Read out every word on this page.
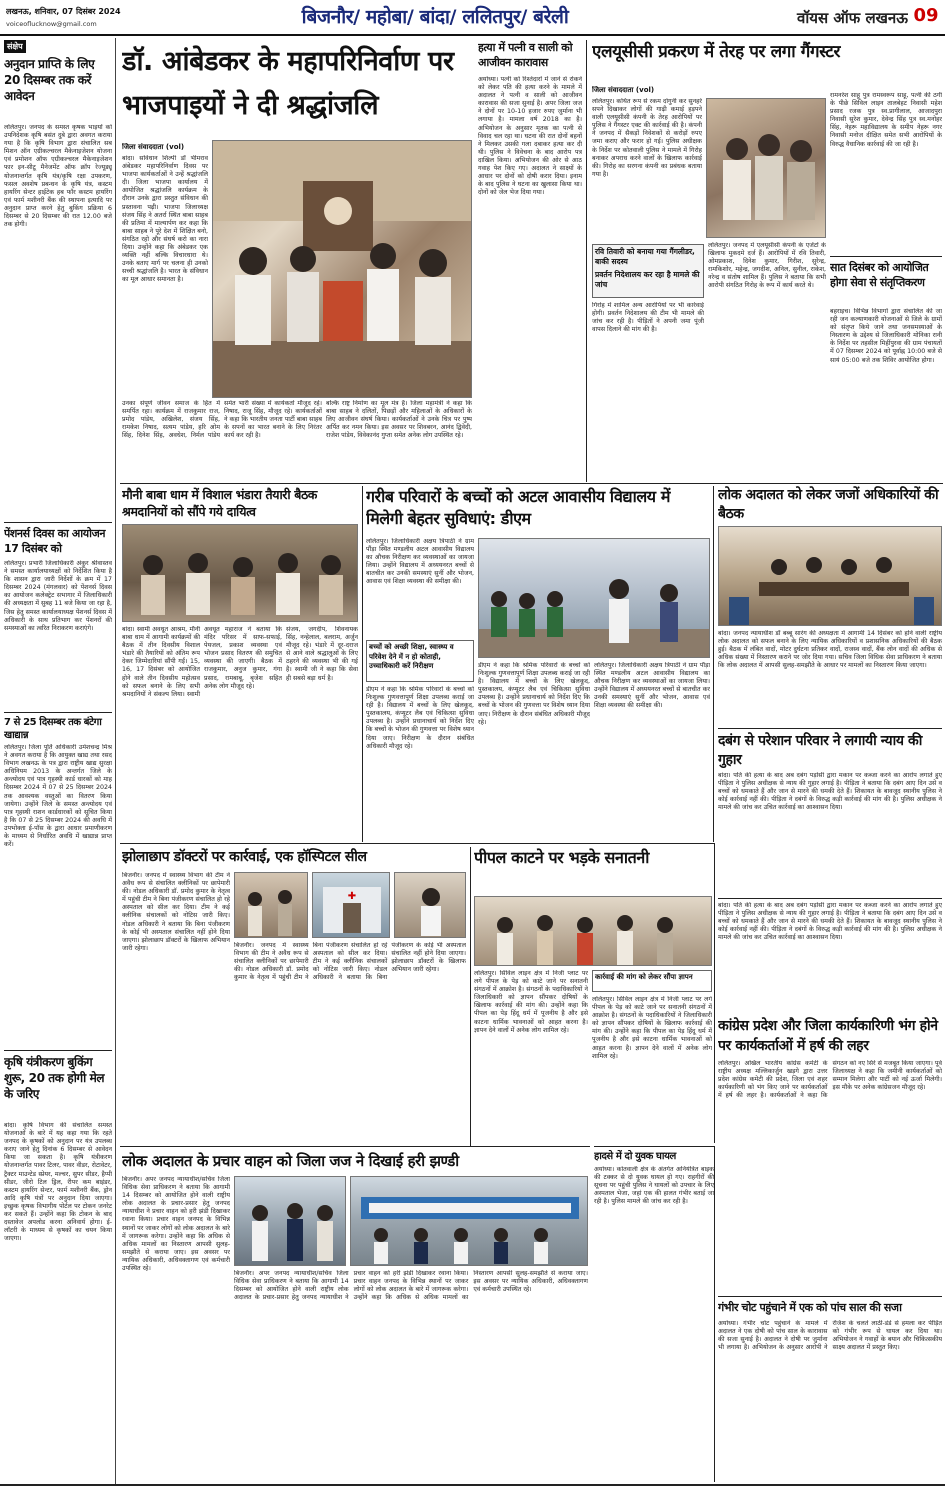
लखनऊ, शनिवार, 07 दिसंबर 2024
voiceoflucknow@gmail.com	बिजनौर/ महोबा/ बांदा/ ललितपुर/ बरेली	वॉयस ऑफ लखनऊ 09
संक्षेप
अनुदान प्राप्ति के लिए 20 दिसम्बर तक करें आवेदन
ललितपुर। जनपद के समस्त कृषक भाइयों को उपनिदेशक कृषि बसंत दुबे द्वारा अवगत कराया गया है कि कृषि विभाग द्वारा संचालित सब मिशन ऑन एग्रीकल्चरल मैकेनाइजेशन योजना एवं प्रमोशन ऑफ एग्रीकल्चरल मैकेनाइजेशन फार इन-सीटू मैनेजमेंट ऑफ क्रॉप रेज्यूड्यू योजनान्तर्गत कृषि यंत्र/कृषि रक्षा उपकरण, फसल अवशेष प्रबन्धन के कृषि यंत्र, कस्टम हायरिंग सेन्टर हाईटेक हब फॉर कस्टम हायरिंग एवं फार्म मशीनरी बैंक की स्थापना इत्यादि पर अनुदान प्राप्त करने हेतु बुकिंग प्रक्रिया 6 दिसम्बर से 20 दिसम्बर की रात 12.00 बजे तक होगी।
पेंशनर्स दिवस का आयोजन 17 दिसंबर को
ललितपुर। प्रभारी जिलाधिकारी अंकुर श्रीवास्तव ने समस्त कार्यालयाध्यक्षों को निर्देशित किया है कि शासन द्वारा जारी निर्देशों के क्रम में 17 दिसम्बर 2024 (मंगलवार) को पेंशनर्स दिवस का आयोजन कलेक्ट्रेट सभागार में जिलाधिकारी की अध्यक्षता में सुबह 11 बजे किया जा रहा है, जिस हेतु समस्त कार्यालयाध्यक्ष पेंशनर्स दिवस में अधिकारी के साथ प्रतिभाग कर पेंशनरों की समस्याओं का त्वरित निराकरण कराएंगे।
7 से 25 दिसम्बर तक बंटेगा खाद्यान्न
ललितपुर। जिला पूर्ति अधिकारी उमेशचन्द्र मिश्र ने अवगत कराया है कि आयुक्त खाद्य तथा रसद विभाग लखनऊ के पत्र द्वारा राष्ट्रीय खाद्य सुरक्षा अधिनियम 2013 के अन्तर्गत जिले के अन्त्योदय एवं पात्र गृहस्थी कार्ड धारकों को माह दिसम्बर 2024 में 07 से 25 दिसम्बर 2024 तक आवश्यक वस्तुओं का वितरण किया जायेगा। उन्होंने जिले के समस्त अन्त्योदय एवं पात्र गृहस्थी राशन कार्डधारकों को सूचित किया है कि 07 से 25 दिसम्बर 2024 की अवधि में उपभोक्ता ई-पॉस के द्वारा आधार प्रमाणीकरण के माध्यम से निर्धारित अवधि में खाद्यान्न प्राप्त करें।
कृषि यंत्रीकरण बुकिंग शुरू, 20 तक होगी मेल के जरिए
बांदा। कृषि विभाग की संचालित समस्त योजनाओं के बारे में यह कहा गया कि रहते जनपद के कृषकों को अनुदान पर यंत्र उपलब्ध कराए जाने हेतु दिनांक 6 दिसम्बर से आवेदन किया जा सकता है। कृषि यंत्रीकरण योजनान्तर्गत पावर टिलर, पावर वीडर, रोटावेटर, ट्रैक्टर माउन्टेड स्प्रेयर, मल्चर, सुपर सीडर, हैप्पी सीडर, जीरो टिल ड्रिल, रीपर कम बाइंडर, कस्टम हायरिंग सेन्टर, फार्म मशीनरी बैंक, ड्रोन आदि कृषि यंत्रों पर अनुदान दिया जाएगा। इच्छुक कृषक विभागीय पोर्टल पर टोकन जनरेट कर सकते हैं। उन्होंने कहा कि टोकन के बाद दस्तावेज अपलोड करना अनिवार्य होगा। ई-लॉटरी के माध्यम से कृषकों का चयन किया जाएगा।
डॉ. आंबेडकर के महापरिनिर्वाण पर भाजपाइयों ने दी श्रद्धांजलि
जिला संवाददाता (vol)
बांदा। सविधान शिल्पी डॉ भीमराव अंबेडकर महापरिनिर्वाण दिवस पर भाजपा कार्यकर्ताओं ने उन्हें श्रद्धांजलि दी। जिला भाजपा कार्यालय में आयोजित श्रद्धांजलि कार्यक्रम के दौरान उनके द्वारा प्रस्तुत संविधान की प्रस्तावना पढ़ी। भाजपा जिलाध्यक्ष संजय सिंह ने अतर्रा स्थित बाबा साहब की प्रतिमा में माल्यार्पण कर कहा कि बाबा साहब ने पूरे देश में शिक्षित बनो, संगठित रहो और संघर्ष करो का नारा दिया। उन्होंने कहा कि अंबेडकर एक व्यक्ति नहीं बल्कि विचारधारा थे। उनके बताए मार्ग पर चलना ही उनको सच्ची श्रद्धांजलि है। भारत के संविधान का मूल आधार समानता है।
उनका संपूर्ण जीवन समाज के हित में समर्पित रहा। कार्यक्रम में राजकुमार राज, प्रमोद पांडेय, अखिलेश, संजय सिंह, रामकेश निषाद, सत्यम पांडेय, हरि ओम सिंह, दिनेश सिंह, अवधेश, निर्मल पांडेय समेत भारी संख्या में कार्यकर्ता मौजूद रहे। निषाद, राजू सिंह, मौजूद रहे। कार्यकर्ताओं ने कहा कि भारतीय जनता पार्टी बाबा साहब के सपनों का भारत बनाने के लिए निरंतर कार्य कर रही है।
बल्कि राष्ट्र निर्माण का मूल मंत्र है। जिला महामंत्री ने कहा कि बाबा साहब ने दलितों, पिछड़ों और महिलाओं के अधिकारों के लिए आजीवन संघर्ष किया। कार्यकर्ताओं ने उनके चित्र पर पुष्प अर्पित कर नमन किया। इस अवसर पर शिवबरन, आनंद द्विवेदी, राजेश पांडेय, विवेकानंद गुप्ता समेत अनेक लोग उपस्थित रहे।
हत्या में पत्नी व साली को आजीवन कारावास
अयोध्या। पत्नी को रिश्तेदारों में जाने से रोकने को लेकर पति की हत्या करने के मामले में अदालत ने पत्नी व साली को आजीवन कारावास की सजा सुनाई है। अपर जिला जज ने दोनों पर 10-10 हजार रुपए जुर्माना भी लगाया है। मामला वर्ष 2018 का है। अभियोजन के अनुसार मृतक का पत्नी से विवाद चल रहा था। घटना की रात दोनों बहनों ने मिलकर उसकी गला दबाकर हत्या कर दी थी। पुलिस ने विवेचना के बाद आरोप पत्र दाखिल किया। अभियोजन की ओर से आठ गवाह पेश किए गए। अदालत ने साक्ष्यों के आधार पर दोनों को दोषी करार दिया। इनाम के बाद पुलिस ने घटना का खुलासा किया था। दोनों को जेल भेज दिया गया।
एलयूसीसी प्रकरण में तेरह पर लगा गैंगस्टर
जिला संवाददाता (vol)
ललितपुर। कथित रूप से रकम दोगुनी कर सुनहरे सपने दिखाकर लोगों की गाढ़ी कमाई हड़पने वाली एलयूसीसी कंपनी के तेरह आरोपियों पर पुलिस ने गैंगस्टर एक्ट की कार्रवाई की है। कंपनी ने जनपद में सैकड़ों निवेशकों से करोड़ों रुपए जमा कराए और फरार हो गई। पुलिस अधीक्षक के निर्देश पर कोतवाली पुलिस ने मामले में गिरोह बनाकर अपराध करने वालों के खिलाफ कार्रवाई की। गिरोह का सरगना कंपनी का प्रबंधक बताया गया है।
रवि तिवारी को बनाया गया गैंगलीडर, बाकी सदस्य
प्रवर्तन निदेशालय कर रहा है मामले की जांच
गिरोह में शामिल अन्य आरोपियों पर भी कार्रवाई होगी। प्रवर्तन निदेशालय की टीम भी मामले की जांच कर रही है। पीड़ितों ने अपनी जमा पूंजी वापस दिलाने की मांग की है।
ललितपुर। जनपद में एलयूसीसी कंपनी के एजेंटों के खिलाफ मुकदमे दर्ज हैं। आरोपियों में रवि तिवारी, ओमप्रकाश, दिनेश कुमार, गिरीश, सुरेन्द्र, रामकिशोर, महेन्द्र, जगदीश, अनिल, सुनील, राकेश, नरेन्द्र व संतोष शामिल हैं। पुलिस ने बताया कि सभी आरोपी संगठित गिरोह के रूप में कार्य करते थे।
रामनरेश साहू पुत्र रामस्वरूप साहू, पत्नी की ठगी के पीछे सिविल लाइन तालबेहट निवासी महेश प्रसाद रजक पुत्र स्व.प्रागीलाल, आजादपुरा निवासी सुरेश कुमार, देवेन्द्र सिंह पुत्र स्व.मनोहर सिंह, नेहरू महाविद्यालय के समीप नेहरू नगर निवासी मनोज दीक्षित समेत सभी आरोपियों के विरुद्ध वैधानिक कार्रवाई की जा रही है।
सात दिसंबर को आयोजित होगा सेवा से संतृप्तिकरण
बहराइच। विभिन्न विभागों द्वारा संचालित की जा रही जन कल्याणकारी योजनाओं से जिले के ग्रामों को संतृप्त किये जाने तथा जनसमस्याओं के निस्तारण के उद्देश्य से जिलाधिकारी मोनिका रानी के निर्देश पर तहसील मिहींपुरवा की ग्राम पंचायतों में 07 दिसम्बर 2024 को पूर्वाह्न 10:00 बजे से सायं 05:00 बजे तक शिविर आयोजित होगा।
मौनी बाबा धाम में विशाल भंडारा तैयारी बैठक श्रमदानियों को सौंपे गये दायित्व
बांदा। स्वामी अवधूत आश्रम, मौनी बाबा धाम में आगामी कार्यक्रमों की बैठक में तीन दिवसीय विशाल भंडारे की तैयारियों को अंतिम रूप देकर जिम्मेदारियां सौंपी गईं। 15, 16, 17 दिसंबर को आयोजित होने वाले तीन दिवसीय महोत्सव को सफल बनाने के लिए सभी श्रमदानियों ने संकल्प लिया। स्वामी अवधूत महाराज ने बताया कि मंदिर परिसर में साफ-सफाई, पेयजल, प्रकाश व्यवस्था एवं भोजन प्रसाद वितरण की समुचित व्यवस्था की जाएगी। बैठक में राजकुमार, अनुज कुमार, गंगा प्रसाद, रामबाबू, बृजेश सहित अनेक लोग मौजूद रहे।
संजय, जगदीप, शिवनायक सिंह, नन्हेलाल, बलराम, अर्जुन मौजूद रहे। भंडारे में दूर-दराज से आने वाले श्रद्धालुओं के लिए ठहरने की व्यवस्था भी की गई है। स्वामी जी ने कहा कि सेवा ही सबसे बड़ा धर्म है।
गरीब परिवारों के बच्चों को अटल आवासीय विद्यालय में मिलेगी बेहतर सुविधाएं: डीएम
ललितपुर। जिलाधिकारी अक्षय त्रिपाठी ने ग्राम पौंड़ा स्थित मण्डलीय अटल आवासीय विद्यालय का औचक निरीक्षण कर व्यवस्थाओं का जायजा लिया। उन्होंने विद्यालय में अध्ययनरत बच्चों से बातचीत कर उनकी समस्याएं सुनीं और भोजन, आवास एवं शिक्षा व्यवस्था की समीक्षा की।
बच्चों को अच्छी शिक्षा, स्वास्थ्य व परिवेश देने में न हो कोताही, उच्चाधिकारी करें निरीक्षण
डीएम ने कहा कि श्रमिक परिवारों के बच्चों को निःशुल्क गुणवत्तापूर्ण शिक्षा उपलब्ध कराई जा रही है। विद्यालय में बच्चों के लिए खेलकूद, पुस्तकालय, कंप्यूटर लैब एवं चिकित्सा सुविधा उपलब्ध है। उन्होंने प्रधानाचार्य को निर्देश दिए कि बच्चों के भोजन की गुणवत्ता पर विशेष ध्यान दिया जाए। निरीक्षण के दौरान संबंधित अधिकारी मौजूद रहे।
डीएम ने कहा कि श्रमिक परिवारों के बच्चों को निःशुल्क गुणवत्तापूर्ण शिक्षा उपलब्ध कराई जा रही है। विद्यालय में बच्चों के लिए खेलकूद, पुस्तकालय, कंप्यूटर लैब एवं चिकित्सा सुविधा उपलब्ध है। उन्होंने प्रधानाचार्य को निर्देश दिए कि बच्चों के भोजन की गुणवत्ता पर विशेष ध्यान दिया जाए। निरीक्षण के दौरान संबंधित अधिकारी मौजूद रहे।
ललितपुर। जिलाधिकारी अक्षय त्रिपाठी ने ग्राम पौंड़ा स्थित मण्डलीय अटल आवासीय विद्यालय का औचक निरीक्षण कर व्यवस्थाओं का जायजा लिया। उन्होंने विद्यालय में अध्ययनरत बच्चों से बातचीत कर उनकी समस्याएं सुनीं और भोजन, आवास एवं शिक्षा व्यवस्था की समीक्षा की।
लोक अदालत को लेकर जजों अधिकारियों की बैठक
बांदा। जनपद न्यायाधीश डॉ बब्बू सारंग की अध्यक्षता में आगामी 14 दिसंबर को होने वाली राष्ट्रीय लोक अदालत को सफल बनाने के लिए न्यायिक अधिकारियों व प्रशासनिक अधिकारियों की बैठक हुई। बैठक में लंबित वादों, मोटर दुर्घटना प्रतिकर वादों, राजस्व वादों, बैंक लोन वादों की अधिक से अधिक संख्या में निस्तारण कराने पर जोर दिया गया। सचिव जिला विधिक सेवा प्राधिकरण ने बताया कि लोक अदालत में आपसी सुलह-समझौते के आधार पर मामलों का निस्तारण किया जाएगा।
दबंग से परेशान परिवार ने लगायी न्याय की गुहार
बांदा। पति की हत्या के बाद अब दबंग पड़ोसी द्वारा मकान पर कब्जा करने का आरोप लगाते हुए पीड़िता ने पुलिस अधीक्षक से न्याय की गुहार लगाई है। पीड़िता ने बताया कि दबंग आए दिन उसे व बच्चों को धमकाते हैं और जान से मारने की धमकी देते हैं। शिकायत के बावजूद स्थानीय पुलिस ने कोई कार्रवाई नहीं की। पीड़िता ने दबंगों के विरुद्ध कड़ी कार्रवाई की मांग की है। पुलिस अधीक्षक ने मामले की जांच कर उचित कार्रवाई का आश्वासन दिया।
झोलाछाप डॉक्टरों पर कार्रवाई, एक हॉस्पिटल सील
बिजनौर। जनपद में स्वास्थ्य विभाग की टीम ने अवैध रूप से संचालित क्लीनिकों पर छापेमारी की। नोडल अधिकारी डॉ. प्रमोद कुमार के नेतृत्व में पहुंची टीम ने बिना पंजीकरण संचालित हो रहे अस्पताल को सील कर दिया। टीम ने कई क्लीनिक संचालकों को नोटिस जारी किए। नोडल अधिकारी ने बताया कि बिना पंजीकरण के कोई भी अस्पताल संचालित नहीं होने दिया जाएगा। झोलाछाप डॉक्टरों के खिलाफ अभियान जारी रहेगा।
✚
बिजनौर। जनपद में स्वास्थ्य विभाग की टीम ने अवैध रूप से संचालित क्लीनिकों पर छापेमारी की। नोडल अधिकारी डॉ. प्रमोद कुमार के नेतृत्व में पहुंची टीम ने बिना पंजीकरण संचालित हो रहे अस्पताल को सील कर दिया। टीम ने कई क्लीनिक संचालकों को नोटिस जारी किए। नोडल अधिकारी ने बताया कि बिना पंजीकरण के कोई भी अस्पताल संचालित नहीं होने दिया जाएगा। झोलाछाप डॉक्टरों के खिलाफ अभियान जारी रहेगा।
पीपल काटने पर भड़के सनातनी
ललितपुर। सिविल लाइन क्षेत्र में निजी प्लाट पर लगे पीपल के पेड़ को काटे जाने पर सनातनी संगठनों में आक्रोश है। संगठनों के पदाधिकारियों ने जिलाधिकारी को ज्ञापन सौंपकर दोषियों के खिलाफ कार्रवाई की मांग की। उन्होंने कहा कि पीपल का पेड़ हिंदू धर्म में पूजनीय है और इसे काटना धार्मिक भावनाओं को आहत करना है। ज्ञापन देने वालों में अनेक लोग शामिल रहे।
कार्रवाई की मांग को लेकर सौंपा ज्ञापन
ललितपुर। सिविल लाइन क्षेत्र में निजी प्लाट पर लगे पीपल के पेड़ को काटे जाने पर सनातनी संगठनों में आक्रोश है। संगठनों के पदाधिकारियों ने जिलाधिकारी को ज्ञापन सौंपकर दोषियों के खिलाफ कार्रवाई की मांग की। उन्होंने कहा कि पीपल का पेड़ हिंदू धर्म में पूजनीय है और इसे काटना धार्मिक भावनाओं को आहत करना है। ज्ञापन देने वालों में अनेक लोग शामिल रहे।
कांग्रेस प्रदेश और जिला कार्यकारिणी भंग होने पर कार्यकर्ताओं में हर्ष की लहर
बांदा। पति की हत्या के बाद अब दबंग पड़ोसी द्वारा मकान पर कब्जा करने का आरोप लगाते हुए पीड़िता ने पुलिस अधीक्षक से न्याय की गुहार लगाई है। पीड़िता ने बताया कि दबंग आए दिन उसे व बच्चों को धमकाते हैं और जान से मारने की धमकी देते हैं। शिकायत के बावजूद स्थानीय पुलिस ने कोई कार्रवाई नहीं की। पीड़िता ने दबंगों के विरुद्ध कड़ी कार्रवाई की मांग की है। पुलिस अधीक्षक ने मामले की जांच कर उचित कार्रवाई का आश्वासन दिया।
ललितपुर। अखिल भारतीय कांग्रेस कमेटी के राष्ट्रीय अध्यक्ष मल्लिकार्जुन खड़गे द्वारा उत्तर प्रदेश कांग्रेस कमेटी की प्रदेश, जिला एवं शहर कार्यकारिणी को भंग किए जाने पर कार्यकर्ताओं में हर्ष की लहर है। कार्यकर्ताओं ने कहा कि संगठन को नए सिरे से मजबूत किया जाएगा। पूर्व जिलाध्यक्ष ने कहा कि जमीनी कार्यकर्ताओं को सम्मान मिलेगा और पार्टी को नई ऊर्जा मिलेगी। इस मौके पर अनेक कांग्रेसजन मौजूद रहे।
गंभीर चोट पहुंचाने में एक को पांच साल की सजा
अयोध्या। गंभीर चोट पहुंचाने के मामले में अदालत ने एक दोषी को पांच साल के कारावास की सजा सुनाई है। अदालत ने दोषी पर जुर्माना भी लगाया है। अभियोजन के अनुसार आरोपी ने रंजिश के चलते लाठी-डंडे से हमला कर पीड़ित को गंभीर रूप से घायल कर दिया था। अभियोजन ने गवाहों के बयान और चिकित्सकीय साक्ष्य अदालत में प्रस्तुत किए।
हादसे में दो युवक घायल
अयोध्या। कोतवाली क्षेत्र के अंतर्गत अनियंत्रित बाइक की टक्कर से दो युवक घायल हो गए। राहगीरों की सूचना पर पहुंची पुलिस ने घायलों को उपचार के लिए अस्पताल भेजा, जहां एक की हालत गंभीर बताई जा रही है। पुलिस मामले की जांच कर रही है।
लोक अदालत के प्रचार वाहन को जिला जज ने दिखाई हरी झण्डी
बिजनौर। अपर जनपद न्यायाधीश/सचिव जिला विधिक सेवा प्राधिकरण ने बताया कि आगामी 14 दिसम्बर को आयोजित होने वाली राष्ट्रीय लोक अदालत के प्रचार-प्रसार हेतु जनपद न्यायाधीश ने प्रचार वाहन को हरी झंडी दिखाकर रवाना किया। प्रचार वाहन जनपद के विभिन्न स्थानों पर जाकर लोगों को लोक अदालत के बारे में जागरूक करेगा। उन्होंने कहा कि अधिक से अधिक मामलों का निस्तारण आपसी सुलह-समझौते से कराया जाए। इस अवसर पर न्यायिक अधिकारी, अधिवक्तागण एवं कर्मचारी उपस्थित रहे।
बिजनौर। अपर जनपद न्यायाधीश/सचिव जिला विधिक सेवा प्राधिकरण ने बताया कि आगामी 14 दिसम्बर को आयोजित होने वाली राष्ट्रीय लोक अदालत के प्रचार-प्रसार हेतु जनपद न्यायाधीश ने प्रचार वाहन को हरी झंडी दिखाकर रवाना किया। प्रचार वाहन जनपद के विभिन्न स्थानों पर जाकर लोगों को लोक अदालत के बारे में जागरूक करेगा। उन्होंने कहा कि अधिक से अधिक मामलों का निस्तारण आपसी सुलह-समझौते से कराया जाए। इस अवसर पर न्यायिक अधिकारी, अधिवक्तागण एवं कर्मचारी उपस्थित रहे।
